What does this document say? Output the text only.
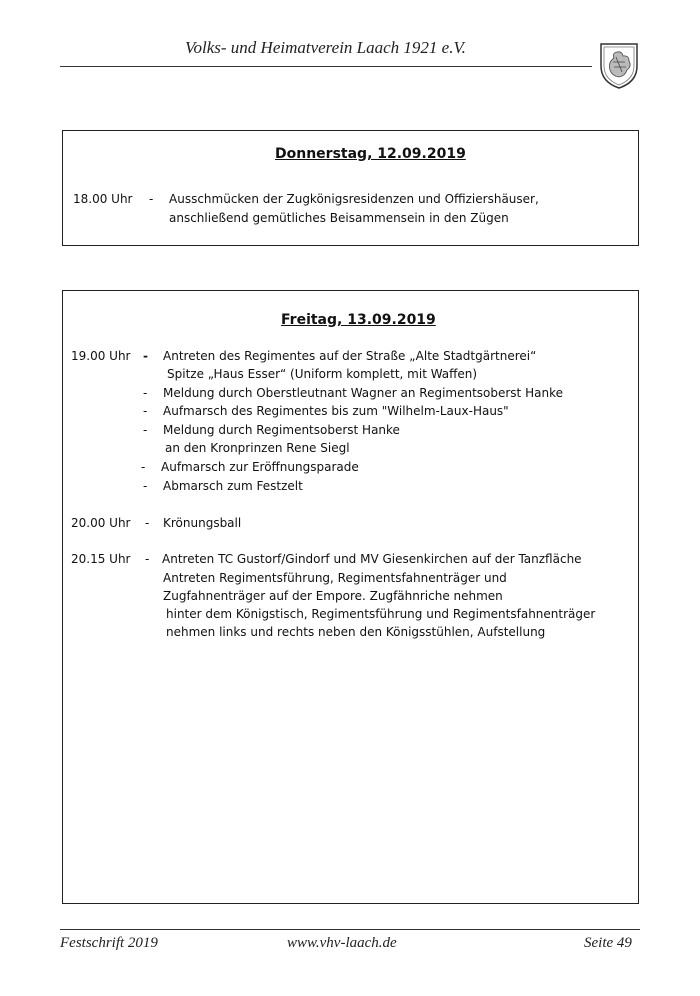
Volks- und Heimatverein Laach 1921 e.V.
Donnerstag, 12.09.2019
18.00 Uhr - Ausschmücken der Zugkönigsresidenzen und Offiziershäuser,
anschließend gemütliches Beisammensein in den Zügen
Freitag, 13.09.2019
19.00 Uhr - Antreten des Regimentes auf der Straße „Alte Stadtgärtnerei“
Spitze „Haus Esser“ (Uniform komplett, mit Waffen)
- Meldung durch Oberstleutnant Wagner an Regimentsoberst Hanke
- Aufmarsch des Regimentes bis zum "Wilhelm-Laux-Haus"
- Meldung durch Regimentsoberst Hanke
an den Kronprinzen Rene Siegl
- Aufmarsch zur Eröffnungsparade
- Abmarsch zum Festzelt
20.00 Uhr - Krönungsball
20.15 Uhr - Antreten TC Gustorf/Gindorf und MV Giesenkirchen auf der Tanzfläche
Antreten Regimentsführung, Regimentsfahnenträger und
Zugfahnenträger auf der Empore. Zugfähnriche nehmen
hinter dem Königstisch, Regimentsführung und Regimentsfahnenträger
nehmen links und rechts neben den Königsstühlen, Aufstellung
Festschrift 2019	www.vhv-laach.de	Seite 49
